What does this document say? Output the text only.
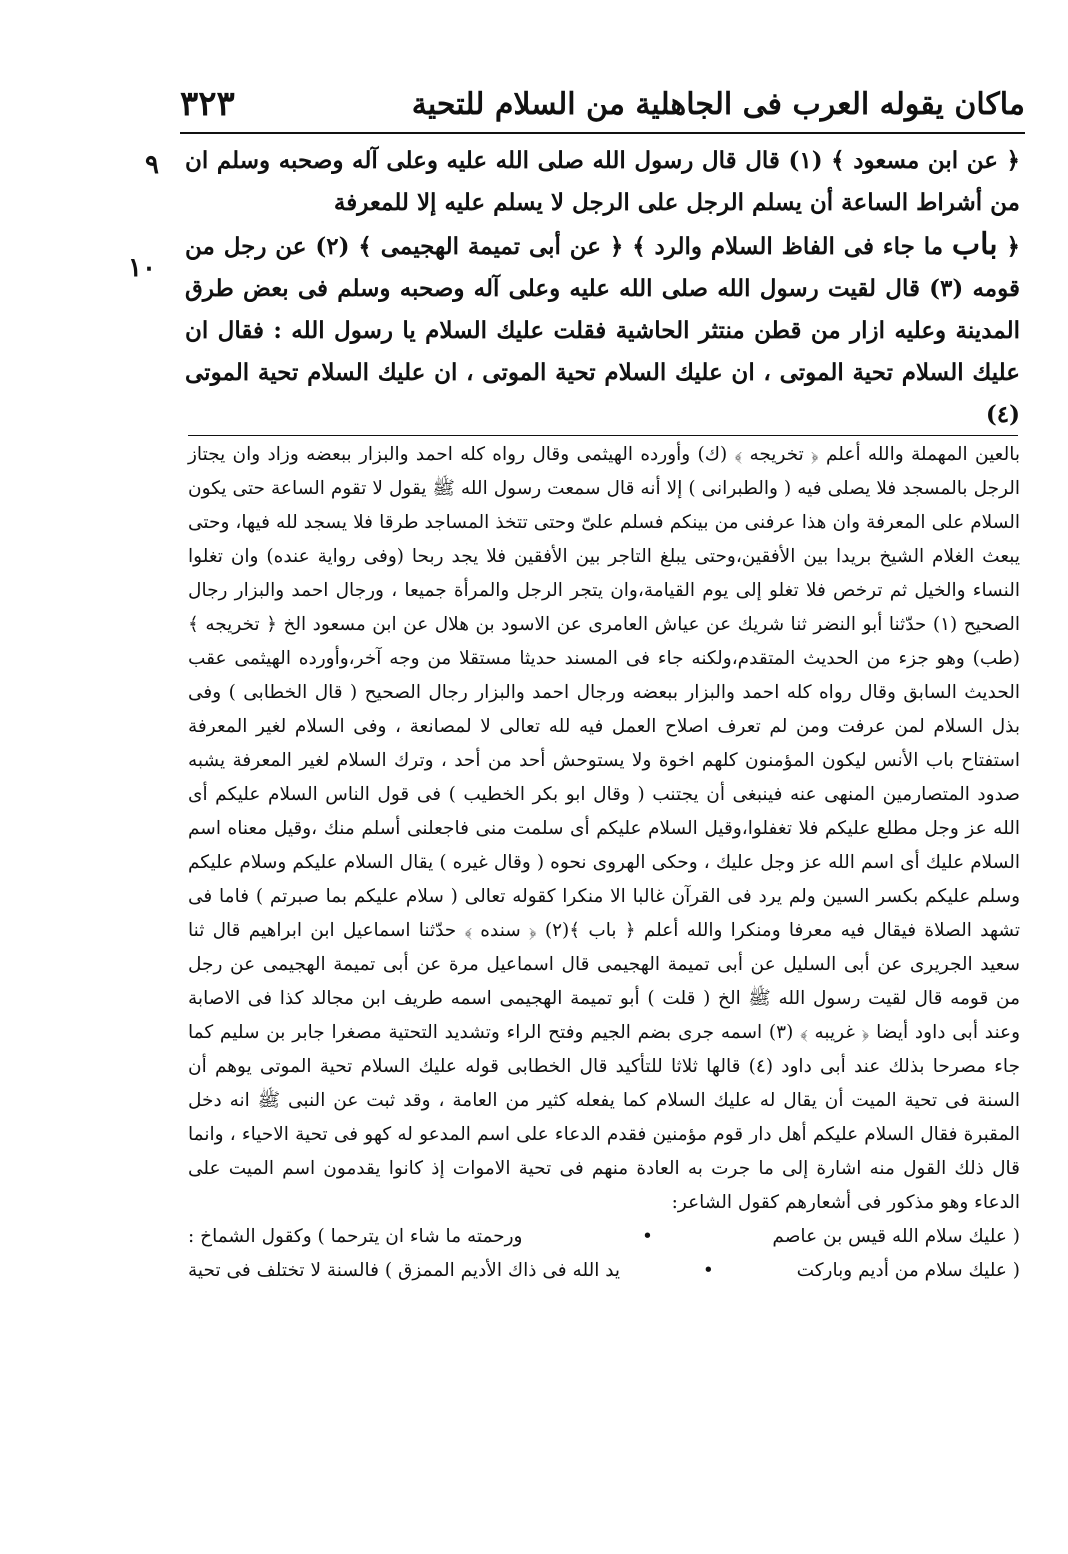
ماكان يقوله العرب فى الجاهلية من السلام للتحية
٣٢٣
٩
١٠

﴿ عن ابن مسعود ﴾ (١) قال قال رسول الله صلى الله عليه وعلى آله وصحبه وسلم ان من أشراط الساعة أن يسلم الرجل على الرجل لا يسلم عليه إلا للمعرفة

﴿ باب ما جاء فى الفاظ السلام والرد ﴾ ﴿ عن أبى تميمة الهجيمى ﴾ (٢) عن رجل من قومه (٣) قال لقيت رسول الله صلى الله عليه وعلى آله وصحبه وسلم فى بعض طرق المدينة وعليه ازار من قطن منتثر الحاشية فقلت عليك السلام يا رسول الله : فقال ان عليك السلام تحية الموتى ، ان عليك السلام تحية الموتى ، ان عليك السلام تحية الموتى (٤)

بالعين المهملة والله أعلم ﴿ تخريجه ﴾ (ك) وأورده الهيثمى وقال رواه كله احمد والبزار ببعضه وزاد وان يجتاز الرجل بالمسجد فلا يصلى فيه ( والطبرانى ) إلا أنه قال سمعت رسول الله ﷺ يقول لا تقوم الساعة حتى يكون السلام على المعرفة وان هذا عرفنى من بينكم فسلم علىّ وحتى تتخذ المساجد طرقا فلا يسجد لله فيها، وحتى يبعث الغلام الشيخ بريدا بين الأفقين،وحتى يبلغ التاجر بين الأفقين فلا يجد ربحا (وفى رواية عنده) وان تغلوا النساء والخيل ثم ترخص فلا تغلو إلى يوم القيامة،وان يتجر الرجل والمرأة جميعا ، ورجال احمد والبزار رجال الصحيح (١) حدّثنا أبو النضر ثنا شريك عن عياش العامرى عن الاسود بن هلال عن ابن مسعود الخ ﴿ تخريجه ﴾ (طب) وهو جزء من الحديث المتقدم،ولكنه جاء فى المسند حديثا مستقلا من وجه آخر،وأورده الهيثمى عقب الحديث السابق وقال رواه كله احمد والبزار ببعضه ورجال احمد والبزار رجال الصحيح ( قال الخطابى ) وفى بذل السلام لمن عرفت ومن لم تعرف اصلاح العمل فيه لله تعالى لا لمصانعة ، وفى السلام لغير المعرفة استفتاح باب الأنس ليكون المؤمنون كلهم اخوة ولا يستوحش أحد من أحد ، وترك السلام لغير المعرفة يشبه صدود المتصارمين المنهى عنه فينبغى أن يجتنب ( وقال ابو بكر الخطيب ) فى قول الناس السلام عليكم أى الله عز وجل مطلع عليكم فلا تغفلوا،وقيل السلام عليكم أى سلمت منى فاجعلنى أسلم منك ،وقيل معناه اسم السلام عليك أى اسم الله عز وجل عليك ، وحكى الهروى نحوه ( وقال غيره ) يقال السلام عليكم وسلام عليكم وسلم عليكم بكسر السين ولم يرد فى القرآن غالبا الا منكرا كقوله تعالى ( سلام عليكم بما صبرتم ) فاما فى تشهد الصلاة فيقال فيه معرفا ومنكرا والله أعلم ﴿ باب ﴾(٢) ﴿ سنده ﴾ حدّثنا اسماعيل ابن ابراهيم قال ثنا سعيد الجريرى عن أبى السليل عن أبى تميمة الهجيمى قال اسماعيل مرة عن أبى تميمة الهجيمى عن رجل من قومه قال لقيت رسول الله ﷺ الخ ( قلت ) أبو تميمة الهجيمى اسمه طريف ابن مجالد كذا فى الاصابة وعند أبى داود أيضا ﴿ غريبه ﴾ (٣) اسمه جرى بضم الجيم وفتح الراء وتشديد التحتية مصغرا جابر بن سليم كما جاء مصرحا بذلك عند أبى داود (٤) قالها ثلاثا للتأكيد قال الخطابى قوله عليك السلام تحية الموتى يوهم أن السنة فى تحية الميت أن يقال له عليك السلام كما يفعله كثير من العامة ، وقد ثبت عن النبى ﷺ انه دخل المقبرة فقال السلام عليكم أهل دار قوم مؤمنين فقدم الدعاء على اسم المدعو له كهو فى تحية الاحياء ، وانما قال ذلك القول منه اشارة إلى ما جرت به العادة منهم فى تحية الاموات إذ كانوا يقدمون اسم الميت على الدعاء وهو مذكور فى أشعارهم كقول الشاعر:

( عليك سلام الله قيس بن عاصم
•
ورحمته ما شاء ان يترحما ) وكقول الشماخ :
( عليك سلام من أديم وباركت
•
يد الله فى ذاك الأديم الممزق ) فالسنة لا تختلف فى تحية
